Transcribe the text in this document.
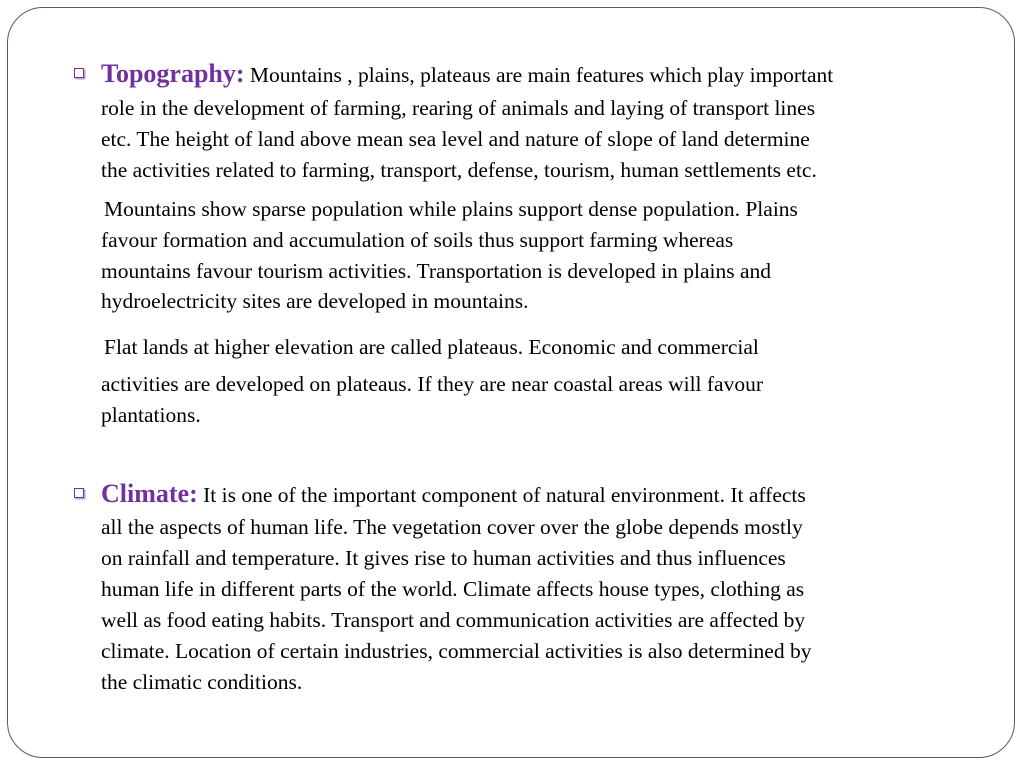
Topography: Mountains , plains, plateaus are main features which play important
role in the development of farming, rearing of animals and laying of transport lines
etc. The height of land above mean sea level and nature of slope of land determine
the activities related to farming, transport, defense, tourism, human settlements etc.
Mountains show sparse population while plains support dense population. Plains
favour formation and accumulation of soils thus support farming whereas
mountains favour tourism activities. Transportation is developed in plains and
hydroelectricity sites are developed in mountains.
Flat lands at higher elevation are called plateaus. Economic and commercial
activities are developed on plateaus. If they are near coastal areas will favour
plantations.
Climate: It is one of the important component of natural environment. It affects
all the aspects of human life. The vegetation cover over the globe depends mostly
on rainfall and temperature. It gives rise to human activities and thus influences
human life in different parts of the world. Climate affects house types, clothing as
well as food eating habits. Transport and communication activities are affected by
climate. Location of certain industries, commercial activities is also determined by
the climatic conditions.
